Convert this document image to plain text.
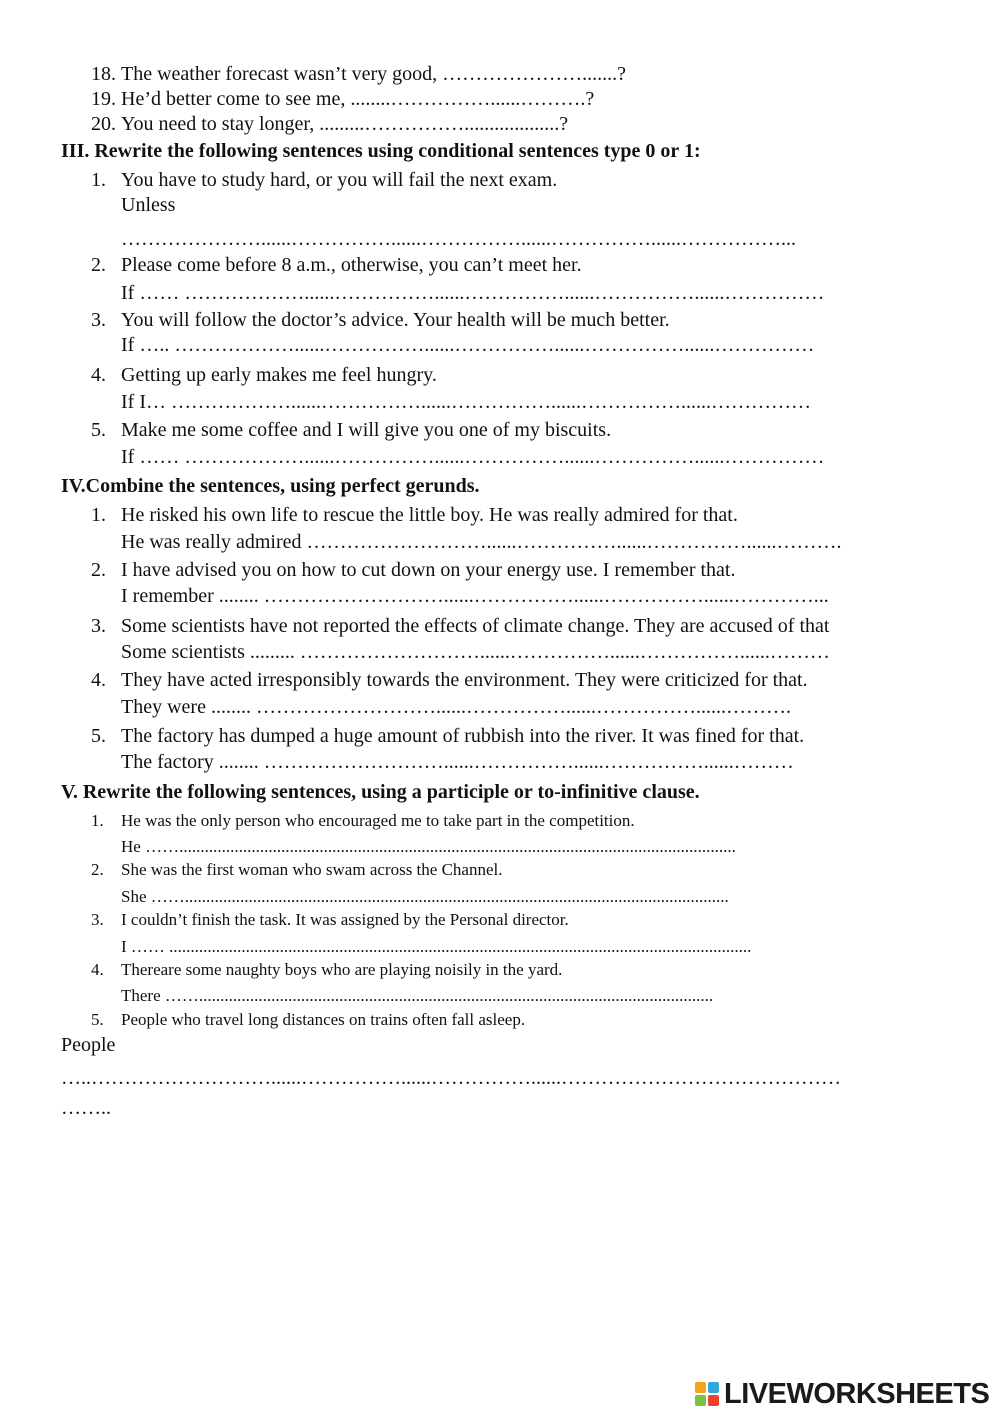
18. The weather forecast wasn’t very good, ………………….......?
19. He’d better come to see me, ........……………......……….?
20. You need to stay longer, .........……………...................?
III. Rewrite the following sentences using conditional sentences type 0 or 1:
1. You have to study hard, or you will fail the next exam.
Unless
…………………......……………......……………......……………......……………...
2. Please come before 8 a.m., otherwise, you can’t meet her.
If …… ………………......……………......……………......……………......……………
3. You will follow the doctor’s advice. Your health will be much better.
If ….. ………………......……………......……………......……………......……………
4. Getting up early makes me feel hungry.
If I… ………………......……………......……………......……………......……………
5. Make me some coffee and I will give you one of my biscuits.
If …… ………………......……………......……………......……………......……………
IV.Combine the sentences, using perfect gerunds.
1. He risked his own life to rescue the little boy. He was really admired for that.
He was really admired ………………………......……………......……………......……….
2. I have advised you on how to cut down on your energy use. I remember that.
I remember ........ ………………………......……………......……………......…………...
3. Some scientists have not reported the effects of climate change. They are accused of that
Some scientists ......... ………………………......……………......……………......………
4. They have acted irresponsibly towards the environment. They were criticized for that.
They were ........ ………………………......……………......……………......……….
5. The factory has dumped a huge amount of rubbish into the river. It was fined for that.
The factory ........ ………………………......……………......……………......………
V. Rewrite the following sentences, using a participle or to-infinitive clause.
1. He was the only person who encouraged me to take part in the competition.
He ……...................................................................................................................................
2. She was the first woman who swam across the Channel.
She ……................................................................................................................................
3. I couldn’t finish the task. It was assigned by the Personal director.
I …… .........................................................................................................................................
4. Thereare some naughty boys who are playing noisily in the yard.
There …….........................................................................................................................
5. People who travel long distances on trains often fall asleep.
People
…..………………………......……………......……………......……………………………………
……..
LIVEWORKSHEETS
